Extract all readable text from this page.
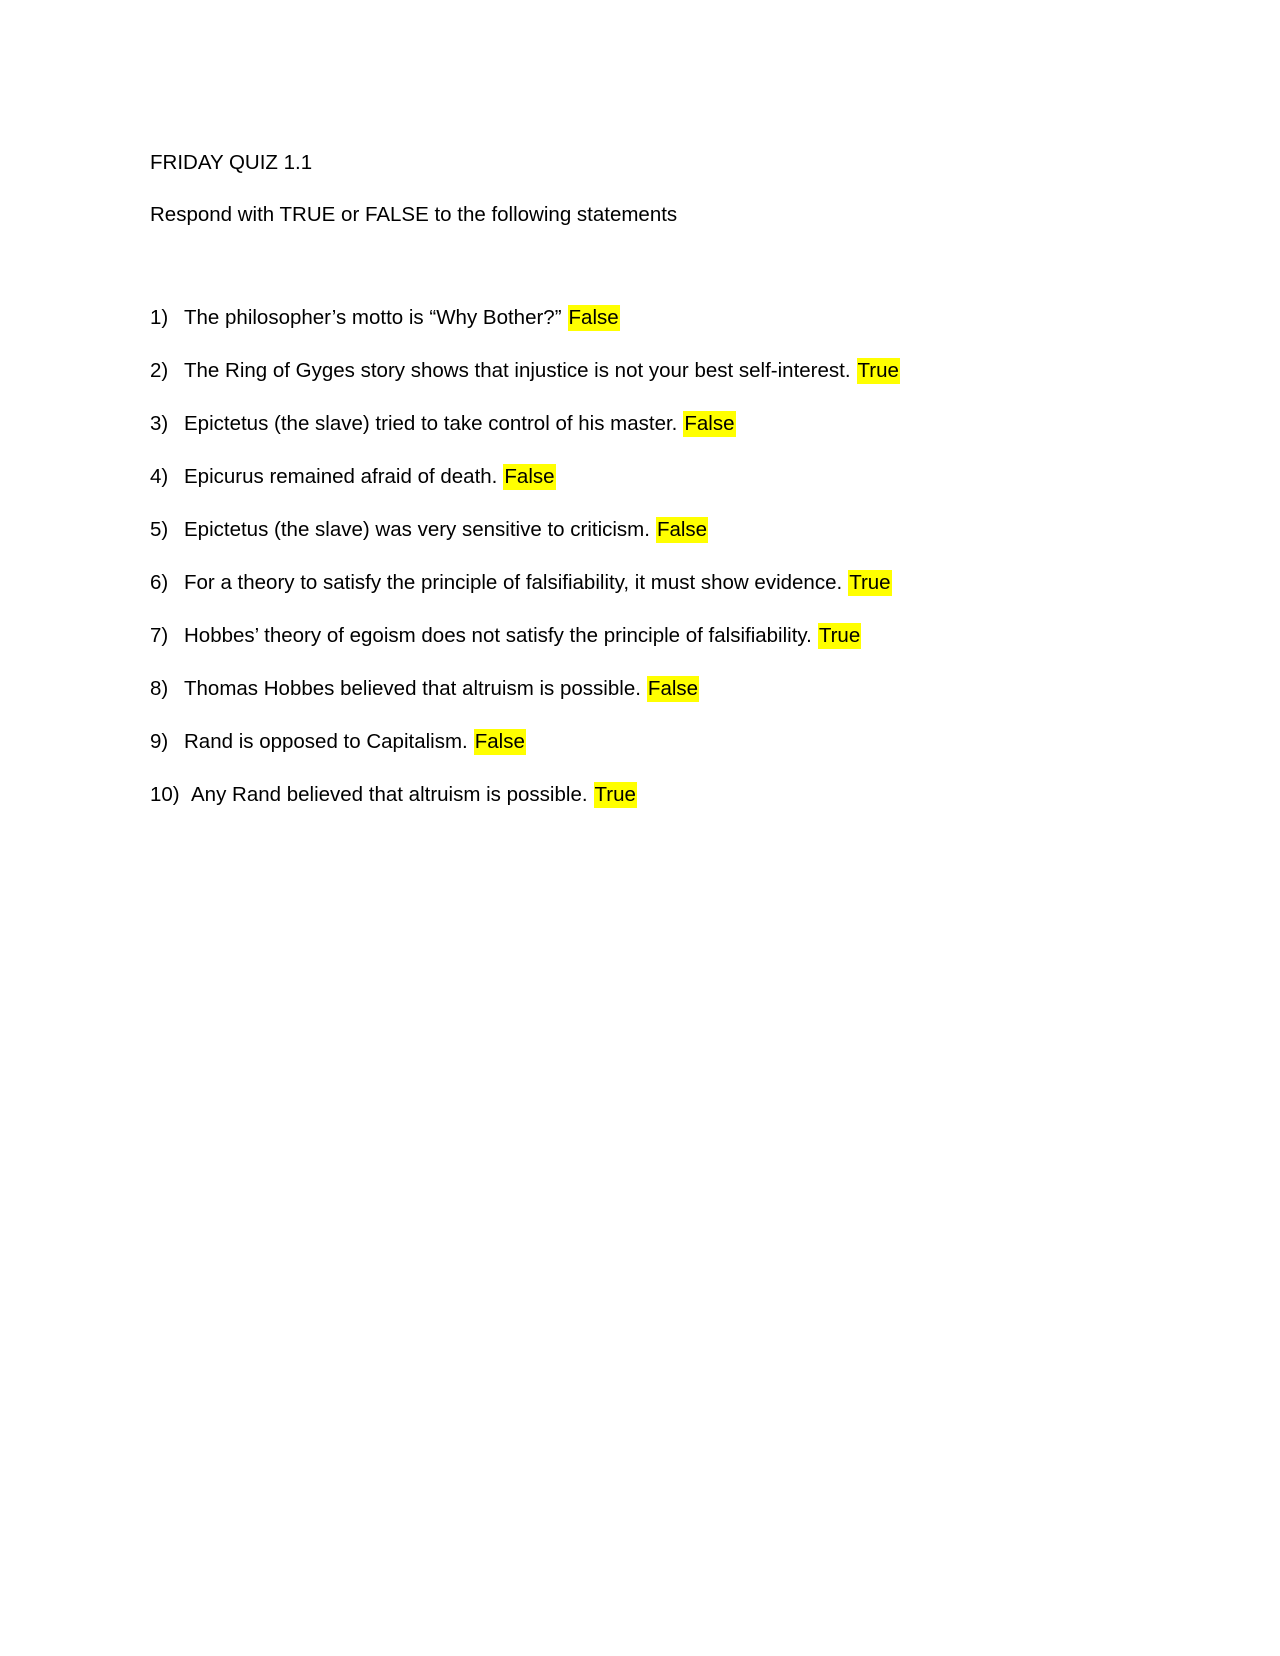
FRIDAY QUIZ 1.1

Respond with TRUE or FALSE to the following statements

1) The philosopher’s motto is “Why Bother?” False
2) The Ring of Gyges story shows that injustice is not your best self-interest. True
3) Epictetus (the slave) tried to take control of his master. False
4) Epicurus remained afraid of death. False
5) Epictetus (the slave) was very sensitive to criticism. False
6) For a theory to satisfy the principle of falsifiability, it must show evidence. True
7) Hobbes’ theory of egoism does not satisfy the principle of falsifiability. True
8) Thomas Hobbes believed that altruism is possible. False
9) Rand is opposed to Capitalism. False
10) Any Rand believed that altruism is possible. True
